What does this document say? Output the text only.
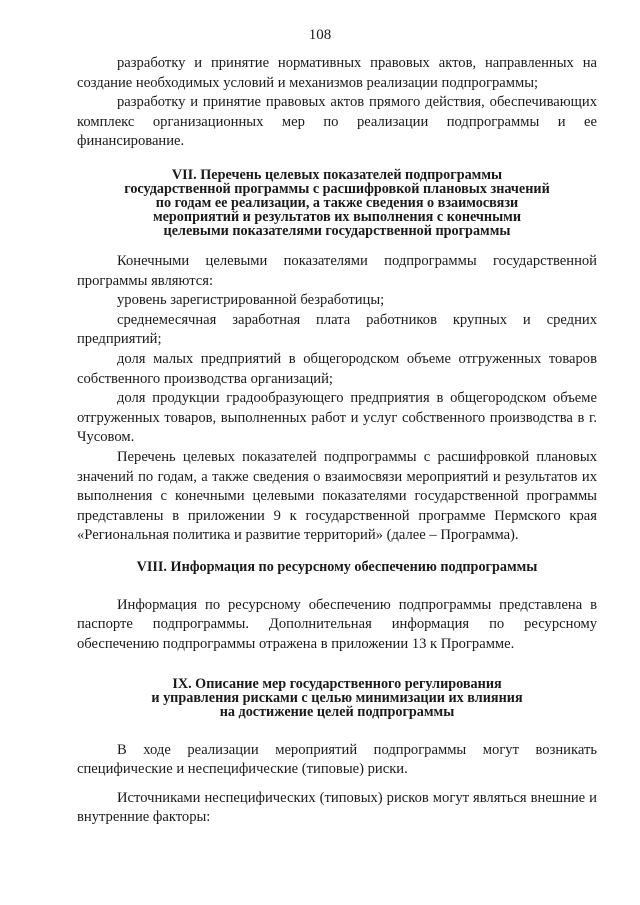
108

разработку и принятие нормативных правовых актов, направленных на создание необходимых условий и механизмов реализации подпрограммы;

разработку и принятие правовых актов прямого действия, обеспечивающих комплекс организационных мер по реализации подпрограммы и ее финансирование.

VII. Перечень целевых показателей подпрограммы
государственной программы с расшифровкой плановых значений
по годам ее реализации, а также сведения о взаимосвязи
мероприятий и результатов их выполнения с конечными
целевыми показателями государственной программы

Конечными целевыми показателями подпрограммы государственной программы являются:

уровень зарегистрированной безработицы;

среднемесячная заработная плата работников крупных и средних предприятий;

доля малых предприятий в общегородском объеме отгруженных товаров собственного производства организаций;

доля продукции градообразующего предприятия в общегородском объеме отгруженных товаров, выполненных работ и услуг собственного производства в г. Чусовом.

Перечень целевых показателей подпрограммы с расшифровкой плановых значений по годам, а также сведения о взаимосвязи мероприятий и результатов их выполнения с конечными целевыми показателями государственной программы представлены в приложении 9 к государственной программе Пермского края «Региональная политика и развитие территорий» (далее – Программа).

VIII. Информация по ресурсному обеспечению подпрограммы

Информация по ресурсному обеспечению подпрограммы представлена в паспорте подпрограммы. Дополнительная информация по ресурсному обеспечению подпрограммы отражена в приложении 13 к Программе.

IX. Описание мер государственного регулирования
и управления рисками с целью минимизации их влияния
на достижение целей подпрограммы

В ходе реализации мероприятий подпрограммы могут возникать специфические и неспецифические (типовые) риски.

Источниками неспецифических (типовых) рисков могут являться внешние и внутренние факторы:
